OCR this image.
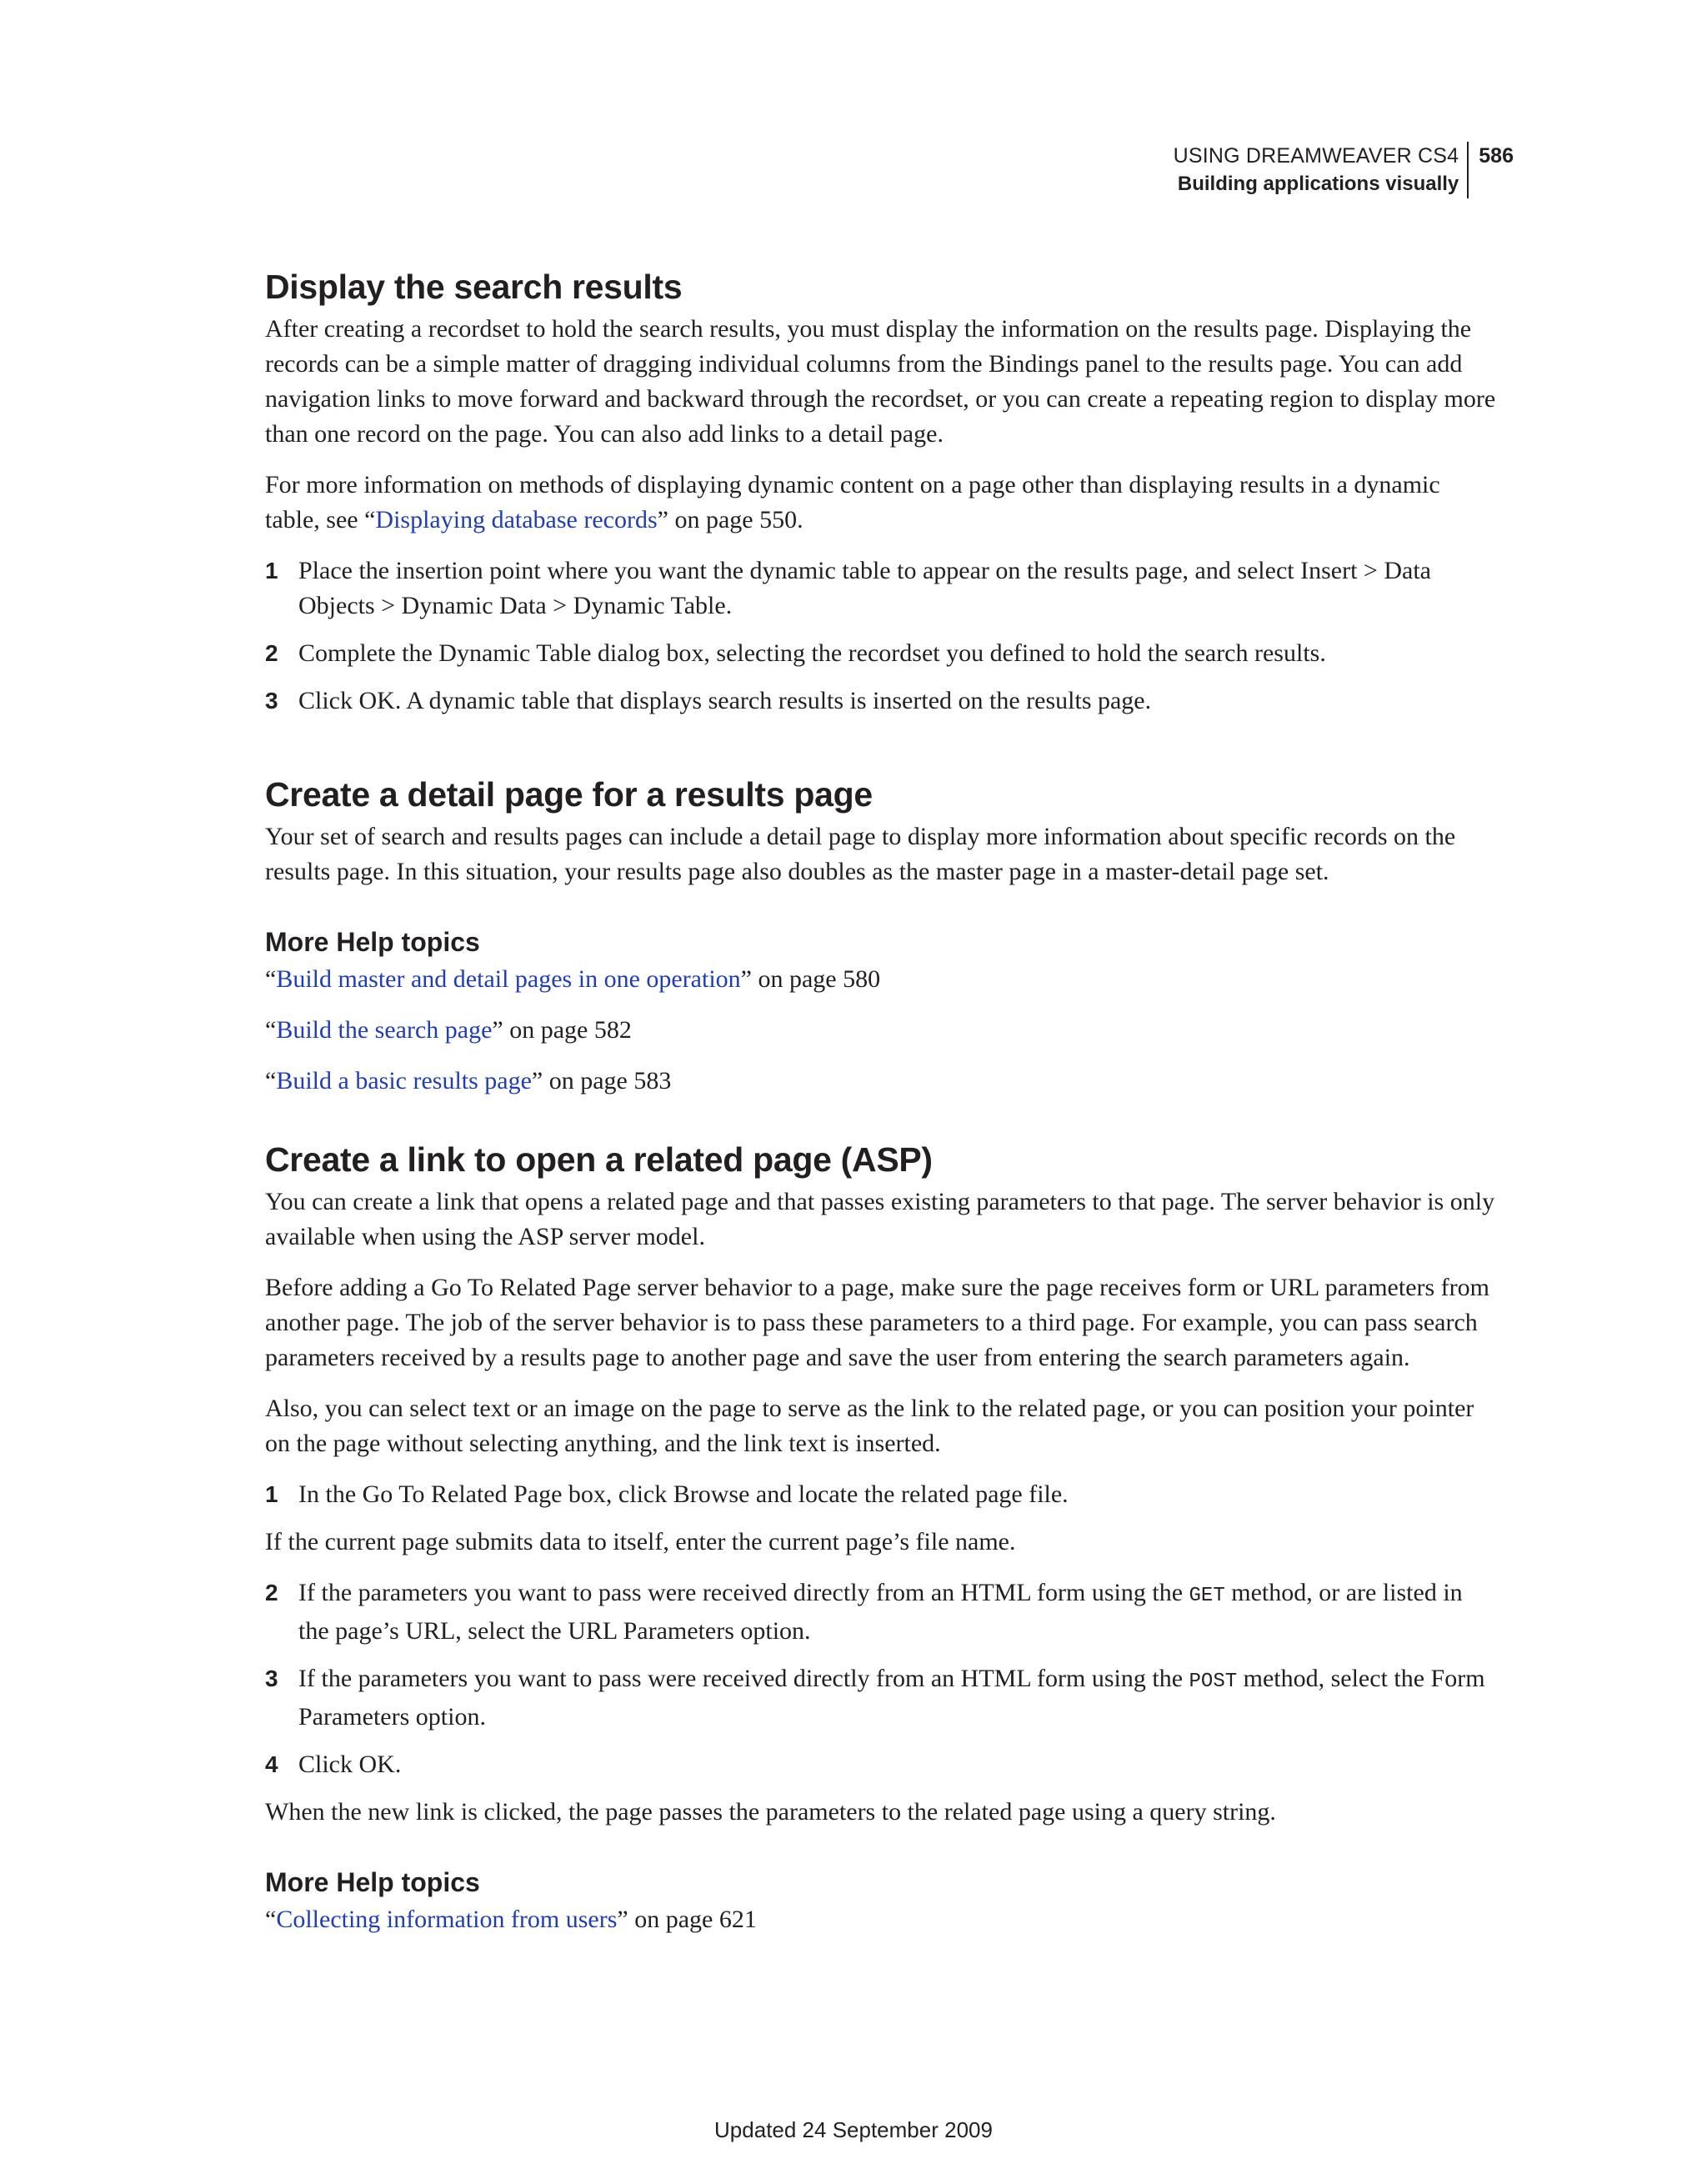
USING DREAMWEAVER CS4
Building applications visually
586
Display the search results

After creating a recordset to hold the search results, you must display the information on the results page. Displaying the records can be a simple matter of dragging individual columns from the Bindings panel to the results page. You can add navigation links to move forward and backward through the recordset, or you can create a repeating region to display more than one record on the page. You can also add links to a detail page.

For more information on methods of displaying dynamic content on a page other than displaying results in a dynamic table, see “Displaying database records” on page 550.

1 Place the insertion point where you want the dynamic table to appear on the results page, and select Insert > Data Objects > Dynamic Data > Dynamic Table.
2 Complete the Dynamic Table dialog box, selecting the recordset you defined to hold the search results.
3 Click OK. A dynamic table that displays search results is inserted on the results page.
Create a detail page for a results page

Your set of search and results pages can include a detail page to display more information about specific records on the results page. In this situation, your results page also doubles as the master page in a master-detail page set.

More Help topics
“Build master and detail pages in one operation” on page 580
“Build the search page” on page 582
“Build a basic results page” on page 583
Create a link to open a related page (ASP)

You can create a link that opens a related page and that passes existing parameters to that page. The server behavior is only available when using the ASP server model.

Before adding a Go To Related Page server behavior to a page, make sure the page receives form or URL parameters from another page. The job of the server behavior is to pass these parameters to a third page. For example, you can pass search parameters received by a results page to another page and save the user from entering the search parameters again.

Also, you can select text or an image on the page to serve as the link to the related page, or you can position your pointer on the page without selecting anything, and the link text is inserted.

1 In the Go To Related Page box, click Browse and locate the related page file.

If the current page submits data to itself, enter the current page’s file name.

2 If the parameters you want to pass were received directly from an HTML form using the GET method, or are listed in the page’s URL, select the URL Parameters option.
3 If the parameters you want to pass were received directly from an HTML form using the POST method, select the Form Parameters option.
4 Click OK.

When the new link is clicked, the page passes the parameters to the related page using a query string.

More Help topics
“Collecting information from users” on page 621
Updated 24 September 2009
